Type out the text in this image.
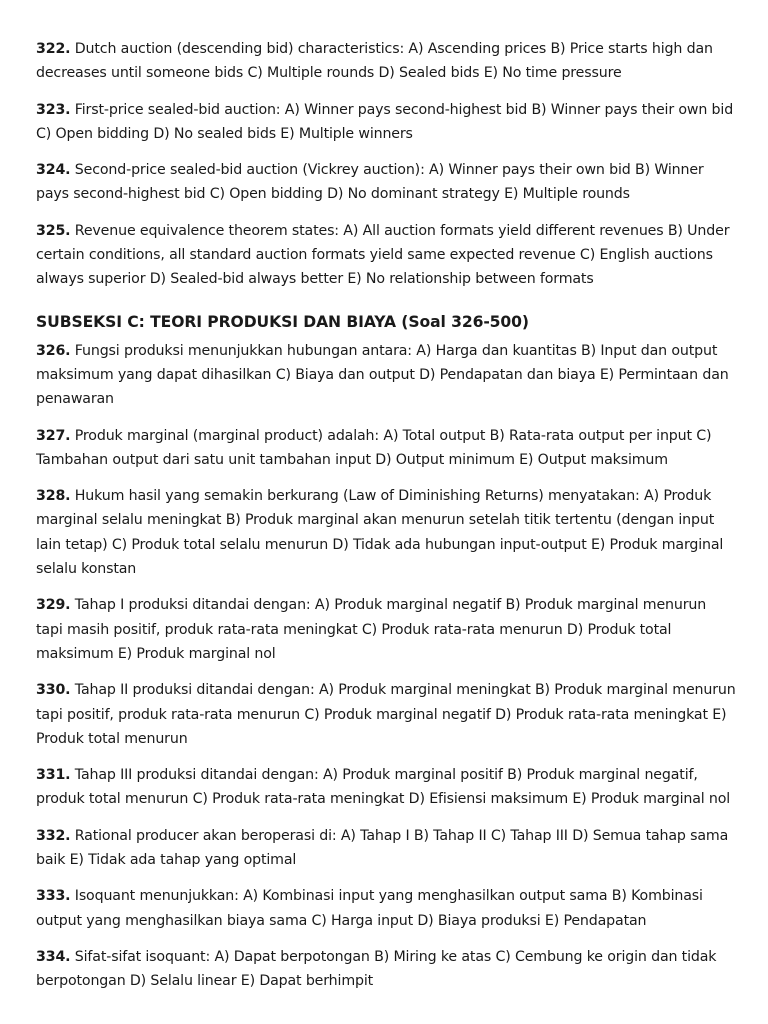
322. Dutch auction (descending bid) characteristics: A) Ascending prices B) Price starts high dan decreases until someone bids C) Multiple rounds D) Sealed bids E) No time pressure

323. First-price sealed-bid auction: A) Winner pays second-highest bid B) Winner pays their own bid C) Open bidding D) No sealed bids E) Multiple winners

324. Second-price sealed-bid auction (Vickrey auction): A) Winner pays their own bid B) Winner pays second-highest bid C) Open bidding D) No dominant strategy E) Multiple rounds

325. Revenue equivalence theorem states: A) All auction formats yield different revenues B) Under certain conditions, all standard auction formats yield same expected revenue C) English auctions always superior D) Sealed-bid always better E) No relationship between formats

SUBSEKSI C: TEORI PRODUKSI DAN BIAYA (Soal 326-500)

326. Fungsi produksi menunjukkan hubungan antara: A) Harga dan kuantitas B) Input dan output maksimum yang dapat dihasilkan C) Biaya dan output D) Pendapatan dan biaya E) Permintaan dan penawaran

327. Produk marginal (marginal product) adalah: A) Total output B) Rata-rata output per input C) Tambahan output dari satu unit tambahan input D) Output minimum E) Output maksimum

328. Hukum hasil yang semakin berkurang (Law of Diminishing Returns) menyatakan: A) Produk marginal selalu meningkat B) Produk marginal akan menurun setelah titik tertentu (dengan input lain tetap) C) Produk total selalu menurun D) Tidak ada hubungan input-output E) Produk marginal selalu konstan

329. Tahap I produksi ditandai dengan: A) Produk marginal negatif B) Produk marginal menurun tapi masih positif, produk rata-rata meningkat C) Produk rata-rata menurun D) Produk total maksimum E) Produk marginal nol

330. Tahap II produksi ditandai dengan: A) Produk marginal meningkat B) Produk marginal menurun tapi positif, produk rata-rata menurun C) Produk marginal negatif D) Produk rata-rata meningkat E) Produk total menurun

331. Tahap III produksi ditandai dengan: A) Produk marginal positif B) Produk marginal negatif, produk total menurun C) Produk rata-rata meningkat D) Efisiensi maksimum E) Produk marginal nol

332. Rational producer akan beroperasi di: A) Tahap I B) Tahap II C) Tahap III D) Semua tahap sama baik E) Tidak ada tahap yang optimal

333. Isoquant menunjukkan: A) Kombinasi input yang menghasilkan output sama B) Kombinasi output yang menghasilkan biaya sama C) Harga input D) Biaya produksi E) Pendapatan

334. Sifat-sifat isoquant: A) Dapat berpotongan B) Miring ke atas C) Cembung ke origin dan tidak berpotongan D) Selalu linear E) Dapat berhimpit
